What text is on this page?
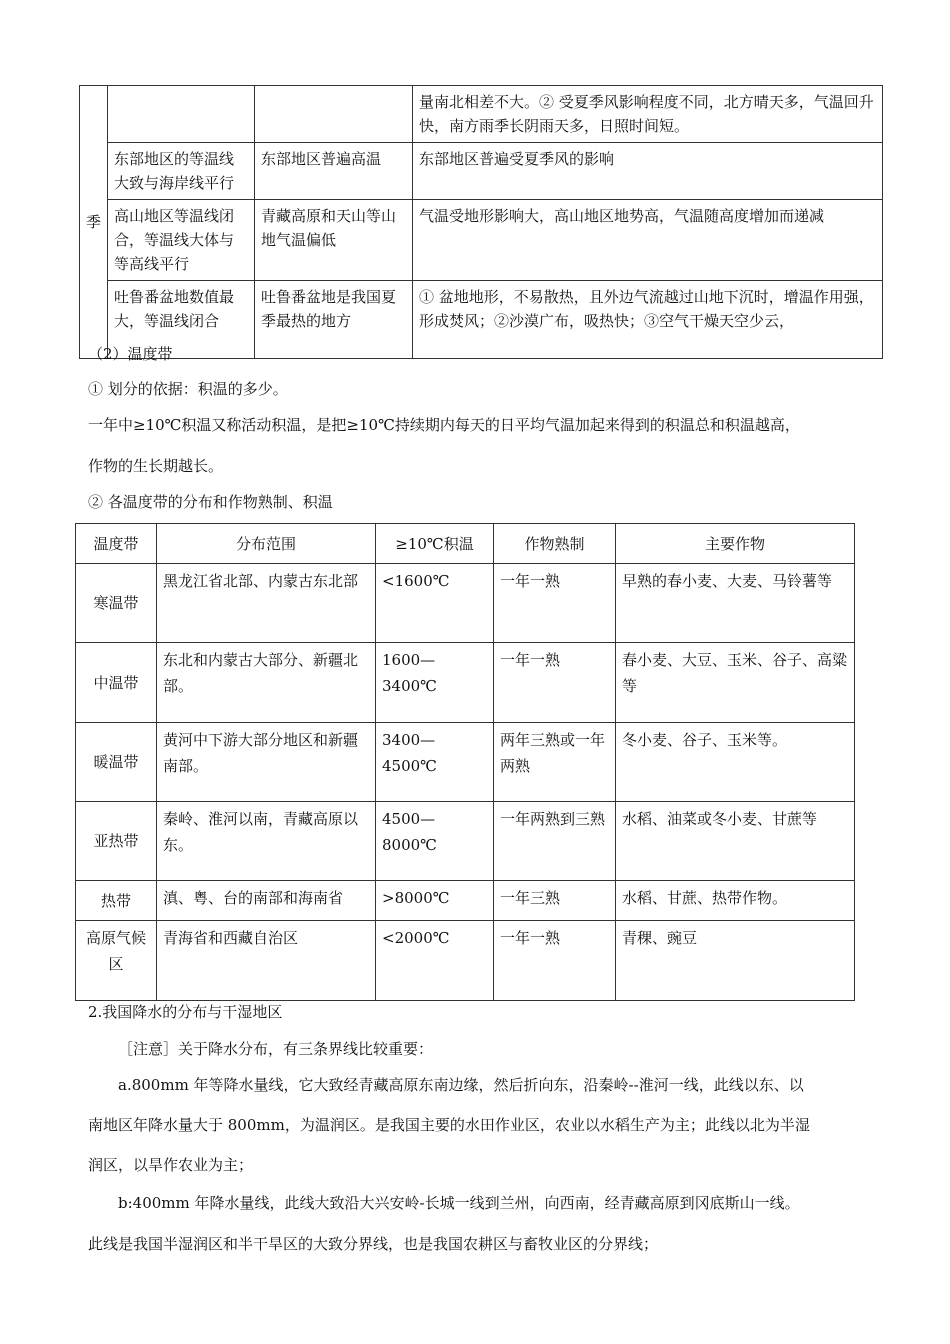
季			量南北相差不大。② 受夏季风影响程度不同，北方晴天多，气温回升快，南方雨季长阴雨天多，日照时间短。
	东部地区的等温线大致与海岸线平行	东部地区普遍高温	东部地区普遍受夏季风的影响
	高山地区等温线闭合，等温线大体与等高线平行	青藏高原和天山等山地气温偏低	气温受地形影响大，高山地区地势高，气温随高度增加而递减
	吐鲁番盆地数值最大，等温线闭合	吐鲁番盆地是我国夏季最热的地方	① 盆地地形，不易散热，且外边气流越过山地下沉时，增温作用强，形成焚风；②沙漠广布，吸热快；③空气干燥天空少云，
（2）温度带
① 划分的依据：积温的多少。
一年中≥10℃积温又称活动积温，是把≥10℃持续期内每天的日平均气温加起来得到的积温总和积温越高，
作物的生长期越长。
② 各温度带的分布和作物熟制、积温
温度带	分布范围	≥10℃积温	作物熟制	主要作物
寒温带	黑龙江省北部、内蒙古东北部	<1600℃	一年一熟	早熟的春小麦、大麦、马铃薯等
中温带	东北和内蒙古大部分、新疆北部。	1600—3400℃	一年一熟	春小麦、大豆、玉米、谷子、高粱等
暖温带	黄河中下游大部分地区和新疆南部。	3400—4500℃	两年三熟或一年两熟	冬小麦、谷子、玉米等。
亚热带	秦岭、淮河以南，青藏高原以东。	4500—8000℃	一年两熟到三熟	水稻、油菜或冬小麦、甘蔗等
热带	滇、粤、台的南部和海南省	>8000℃	一年三熟	水稻、甘蔗、热带作物。
高原气候区	青海省和西藏自治区	<2000℃	一年一熟	青稞、豌豆
2.我国降水的分布与干湿地区
［注意］关于降水分布，有三条界线比较重要：
a.800mm 年等降水量线，它大致经青藏高原东南边缘，然后折向东，沿秦岭--淮河一线，此线以东、以
南地区年降水量大于 800mm，为温润区。是我国主要的水田作业区，农业以水稻生产为主；此线以北为半湿
润区，以旱作农业为主；
b:400mm 年降水量线，此线大致沿大兴安岭-长城一线到兰州，向西南，经青藏高原到冈底斯山一线。
此线是我国半湿润区和半干旱区的大致分界线，也是我国农耕区与畜牧业区的分界线；
